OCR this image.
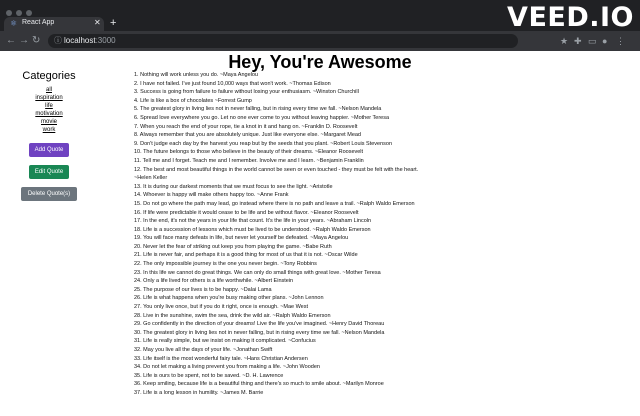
⚛ React App	✕ +
← → ↻ ⓘ localhost:3000	★ ✚ ▭ ● ⋮
VEED.IO
Hey, You're Awesome
Categories
all
inspiration
life
motivation
movie
work
Add Quote
Edit Quote
Delete Quote(s)
1. Nothing will work unless you do. ~Maya Angelou
2. I have not failed. I've just found 10,000 ways that won't work. ~Thomas Edison
3. Success is going from failure to failure without losing your enthusiasm. ~Winston Churchill
4. Life is like a box of chocolates ~Forrest Gump
5. The greatest glory in living lies not in never falling, but in rising every time we fall. ~Nelson Mandela
6. Spread love everywhere you go. Let no one ever come to you without leaving happier. ~Mother Teresa
7. When you reach the end of your rope, tie a knot in it and hang on. ~Franklin D. Roosevelt
8. Always remember that you are absolutely unique. Just like everyone else. ~Margaret Mead
9. Don't judge each day by the harvest you reap but by the seeds that you plant. ~Robert Louis Stevenson
10. The future belongs to those who believe in the beauty of their dreams. ~Eleanor Roosevelt
11. Tell me and I forget. Teach me and I remember. Involve me and I learn. ~Benjamin Franklin
12. The best and most beautiful things in the world cannot be seen or even touched - they must be felt with the heart.
~Helen Keller
13. It is during our darkest moments that we must focus to see the light. ~Aristotle
14. Whoever is happy will make others happy too. ~Anne Frank
15. Do not go where the path may lead, go instead where there is no path and leave a trail. ~Ralph Waldo Emerson
16. If life were predictable it would cease to be life and be without flavor. ~Eleanor Roosevelt
17. In the end, it's not the years in your life that count. It's the life in your years. ~Abraham Lincoln
18. Life is a succession of lessons which must be lived to be understood. ~Ralph Waldo Emerson
19. You will face many defeats in life, but never let yourself be defeated. ~Maya Angelou
20. Never let the fear of striking out keep you from playing the game. ~Babe Ruth
21. Life is never fair, and perhaps it is a good thing for most of us that it is not. ~Oscar Wilde
22. The only impossible journey is the one you never begin. ~Tony Robbins
23. In this life we cannot do great things. We can only do small things with great love. ~Mother Teresa
24. Only a life lived for others is a life worthwhile. ~Albert Einstein
25. The purpose of our lives is to be happy. ~Dalai Lama
26. Life is what happens when you're busy making other plans. ~John Lennon
27. You only live once, but if you do it right, once is enough. ~Mae West
28. Live in the sunshine, swim the sea, drink the wild air. ~Ralph Waldo Emerson
29. Go confidently in the direction of your dreams! Live the life you've imagined. ~Henry David Thoreau
30. The greatest glory in living lies not in never falling, but in rising every time we fall. ~Nelson Mandela
31. Life is really simple, but we insist on making it complicated. ~Confucius
32. May you live all the days of your life. ~Jonathan Swift
33. Life itself is the most wonderful fairy tale. ~Hans Christian Andersen
34. Do not let making a living prevent you from making a life. ~John Wooden
35. Life is ours to be spent, not to be saved. ~D. H. Lawrence
36. Keep smiling, because life is a beautiful thing and there's so much to smile about. ~Marilyn Monroe
37. Life is a long lesson in humility. ~James M. Barrie
